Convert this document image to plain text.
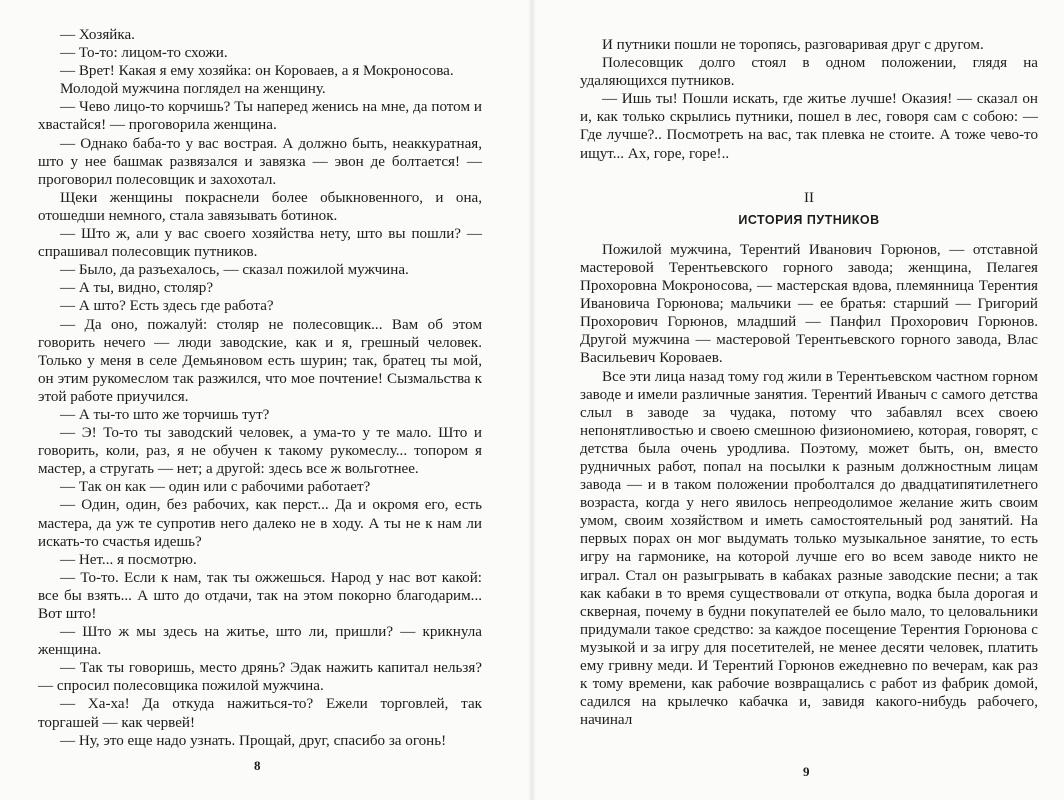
— Хозяйка.

— То-то: лицом-то схожи.

— Врет! Какая я ему хозяйка: он Коровaев, а я Мокроносова.

Молодой мужчина поглядел на женщину.

— Чево лицо-то корчишь? Ты наперед женись на мне, да потом и хвастайся! — проговорила женщина.

— Однако баба-то у вас вострая. А должно быть, неаккуратная, што у нее башмак развязался и завязка — эвон де болтается! — проговорил полесовщик и захохотал.

Щеки женщины покраснели более обыкновенного, и она, отошедши немного, стала завязывать ботинок.

— Што ж, али у вас своего хозяйства нету, што вы пошли? — спрашивал полесовщик путников.

— Было, да разъехалось, — сказал пожилой мужчина.

— А ты, видно, столяр?

— А што? Есть здесь где работа?

— Да оно, пожалуй: столяр не полесовщик... Вам об этом говорить нечего — люди заводские, как и я, грешный человек. Только у меня в селе Демьяновом есть шурин; так, братец ты мой, он этим рукомеслом так разжился, что мое почтение! Сызмальства к этой работе приучился.

— А ты-то што же торчишь тут?

— Э! То-то ты заводский человек, а ума-то у те мало. Што и говорить, коли, раз, я не обучен к такому рукомеслу... топором я мастер, а стругать — нет; а другой: здесь все ж вольготнее.

— Так он как — один или с рабочими работает?

— Один, один, без рабочих, как перст... Да и окромя его, есть мастера, да уж те супротив него далеко не в ходу. А ты не к нам ли искать-то счастья идешь?

— Нет... я посмотрю.

— То-то. Если к нам, так ты ожжешься. Народ у нас вот какой: все бы взять... А што до отдачи, так на этом покорно благодарим... Вот што!

— Што ж мы здесь на житье, што ли, пришли? — крикнула женщина.

— Так ты говоришь, место дрянь? Эдак нажить капитал нельзя? — спросил полесовщика пожилой мужчина.

— Ха-ха! Да откуда нажиться-то? Ежели торговлей, так торгашей — как червей!

— Ну, это еще надо узнать. Прощай, друг, спасибо за огонь!

8

И путники пошли не торопясь, разговаривая друг с другом.

Полесовщик долго стоял в одном положении, глядя на удаляющихся путников.

— Ишь ты! Пошли искать, где житье лучше! Оказия! — сказал он и, как только скрылись путники, пошел в лес, говоря сам с собою: — Где лучше?.. Посмотреть на вас, так плевка не стоите. А тоже чево-то ищут... Ах, горе, горе!..

II
ИСТОРИЯ ПУТНИКОВ

Пожилой мужчина, Терентий Иванович Горюнов, — отставной мастеровой Терентьевского горного завода; женщина, Пелагея Прохоровна Мокроносова, — мастерская вдова, племянница Терентия Ивановича Горюнова; мальчики — ее братья: старший — Григорий Прохорович Горюнов, младший — Панфил Прохорович Горюнов. Другой мужчина — мастеровой Терентьевского горного завода, Влас Васильевич Коровaев.

Все эти лица назад тому год жили в Терентьевском частном горном заводе и имели различные занятия. Терентий Иваныч с самого детства слыл в заводе за чудака, потому что забавлял всех своею непонятливостью и своею смешною физиономиею, которая, говорят, с детства была очень уродлива. Поэтому, может быть, он, вместо рудничных работ, попал на посылки к разным должностным лицам завода — и в таком положении проболтался до двадцатипятилетнего возраста, когда у него явилось непреодолимое желание жить своим умом, своим хозяйством и иметь самостоятельный род занятий. На первых порах он мог выдумать только музыкальное занятие, то есть игру на гармонике, на которой лучше его во всем заводе никто не играл. Стал он разыгрывать в кабаках разные заводские песни; а так как кабаки в то время существовали от откупа, водка была дорогая и скверная, почему в будни покупателей ее было мало, то целовальники придумали такое средство: за каждое посещение Терентия Горюнова с музыкой и за игру для посетителей, не менее десяти человек, платить ему гривну меди. И Терентий Горюнов ежедневно по вечерам, как раз к тому времени, как рабочие возвращались с работ из фабрик домой, садился на крылечко кабачка и, завидя какого-нибудь рабочего, начинал

9
